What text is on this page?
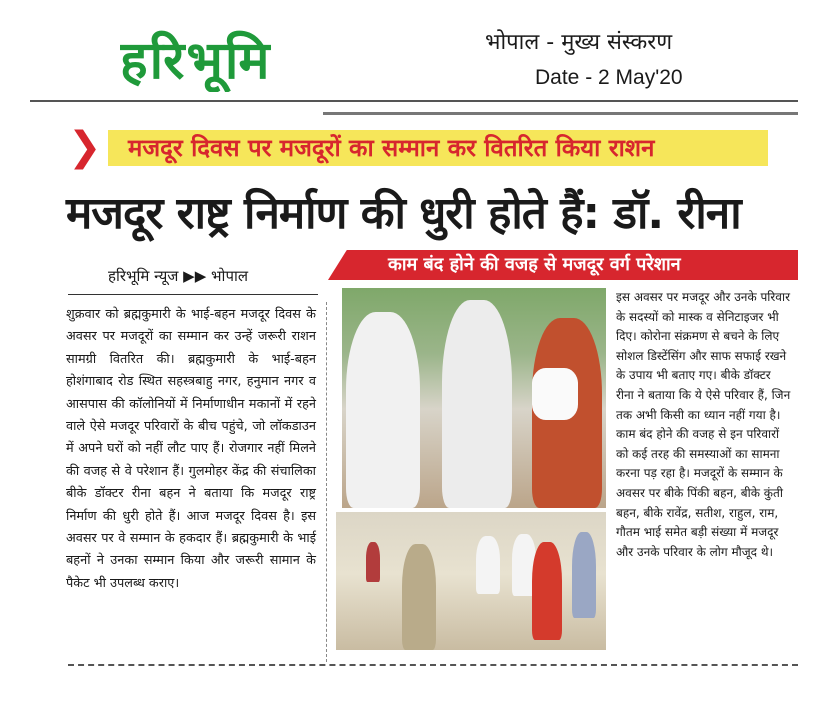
हरिभूमि	भोपाल - मुख्य संस्करण
Date - 2 May'20
❯ मजदूर दिवस पर मजदूरों का सम्मान कर वितरित किया राशन
मजदूर राष्ट्र निर्माण की धुरी होते हैं: डॉ. रीना
काम बंद होने की वजह से मजदूर वर्ग परेशान
हरिभूमि न्यूज ▶▶ भोपाल
शुक्रवार को ब्रह्मकुमारी के भाई-बहन मजदूर दिवस के अवसर पर मजदूरों का सम्मान कर उन्हें जरूरी राशन सामग्री वितरित की। ब्रह्मकुमारी के भाई-बहन होशंगाबाद रोड स्थित सहस्त्रबाहु नगर, हनुमान नगर व आसपास की कॉलोनियों में निर्माणाधीन मकानों में रहने वाले ऐसे मजदूर परिवारों के बीच पहुंचे, जो लॉकडाउन में अपने घरों को नहीं लौट पाए हैं। रोजगार नहीं मिलने की वजह से वे परेशान हैं। गुलमोहर केंद्र की संचालिका बीके डॉक्टर रीना बहन ने बताया कि मजदूर राष्ट्र निर्माण की धुरी होते हैं। आज मजदूर दिवस है। इस अवसर पर वे सम्मान के हकदार हैं। ब्रह्मकुमारी के भाई बहनों ने उनका सम्मान किया और जरूरी सामान के पैकेट भी उपलब्ध कराए।
इस अवसर पर मजदूर और उनके परिवार के सदस्यों को मास्क व सेनिटाइजर भी दिए। कोरोना संक्रमण से बचने के लिए सोशल डिस्टेंसिंग और साफ सफाई रखने के उपाय भी बताए गए। बीके डॉक्टर रीना ने बताया कि ये ऐसे परिवार हैं, जिन तक अभी किसी का ध्यान नहीं गया है। काम बंद होने की वजह से इन परिवारों को कई तरह की समस्याओं का सामना करना पड़ रहा है। मजदूरों के सम्मान के अवसर पर बीके पिंकी बहन, बीके कुंती बहन, बीके रावेंद्र, सतीश, राहुल, राम, गौतम भाई समेत बड़ी संख्या में मजदूर और उनके परिवार के लोग मौजूद थे।
